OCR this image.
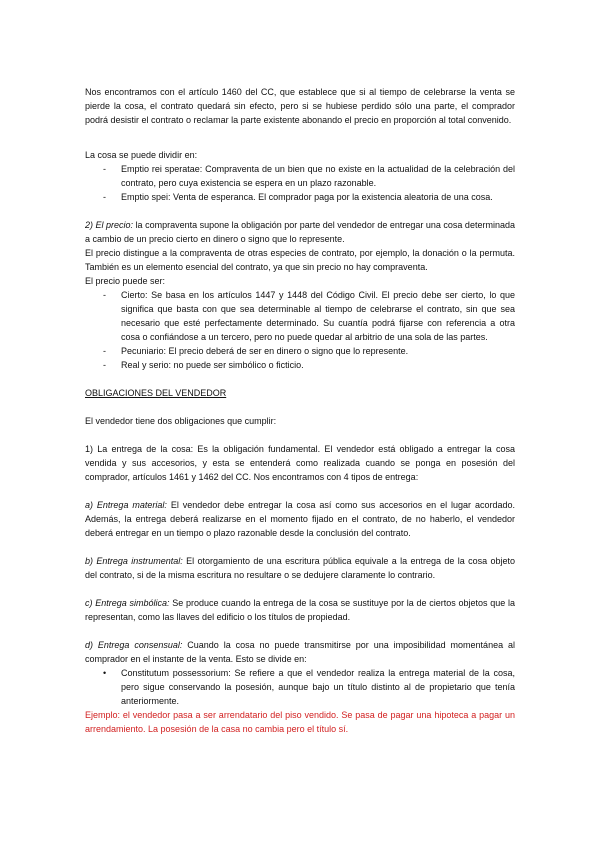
Nos encontramos con el artículo 1460 del CC, que establece que si al tiempo de celebrarse la venta se pierde la cosa, el contrato quedará sin efecto, pero si se hubiese perdido sólo una parte, el comprador podrá desistir el contrato o reclamar la parte existente abonando el precio en proporción al total convenido.

La cosa se puede dividir en:

- Emptio rei speratae: Compraventa de un bien que no existe en la actualidad de la celebración del contrato, pero cuya existencia se espera en un plazo razonable.
- Emptio spei: Venta de esperanca. El comprador paga por la existencia aleatoria de una cosa.

2) El precio: la compraventa supone la obligación por parte del vendedor de entregar una cosa determinada a cambio de un precio cierto en dinero o signo que lo represente.

El precio distingue a la compraventa de otras especies de contrato, por ejemplo, la donación o la permuta. También es un elemento esencial del contrato, ya que sin precio no hay compraventa.

El precio puede ser:

- Cierto: Se basa en los artículos 1447 y 1448 del Código Civil. El precio debe ser cierto, lo que significa que basta con que sea determinable al tiempo de celebrarse el contrato, sin que sea necesario que esté perfectamente determinado. Su cuantía podrá fijarse con referencia a otra cosa o confiándose a un tercero, pero no puede quedar al arbitrio de una sola de las partes.
- Pecuniario: El precio deberá de ser en dinero o signo que lo represente.
- Real y serio: no puede ser simbólico o ficticio.

OBLIGACIONES DEL VENDEDOR

El vendedor tiene dos obligaciones que cumplir:

1) La entrega de la cosa: Es la obligación fundamental. El vendedor está obligado a entregar la cosa vendida y sus accesorios, y esta se entenderá como realizada cuando se ponga en posesión del comprador, artículos 1461 y 1462 del CC. Nos encontramos con 4 tipos de entrega:

a) Entrega material: El vendedor debe entregar la cosa así como sus accesorios en el lugar acordado. Además, la entrega deberá realizarse en el momento fijado en el contrato, de no haberlo, el vendedor deberá entregar en un tiempo o plazo razonable desde la conclusión del contrato.

b) Entrega instrumental: El otorgamiento de una escritura pública equivale a la entrega de la cosa objeto del contrato, si de la misma escritura no resultare o se dedujere claramente lo contrario.

c) Entrega simbólica: Se produce cuando la entrega de la cosa se sustituye por la de ciertos objetos que la representan, como las llaves del edificio o los títulos de propiedad.

d) Entrega consensual: Cuando la cosa no puede transmitirse por una imposibilidad momentánea al comprador en el instante de la venta. Esto se divide en:

• Constitutum possessorium: Se refiere a que el vendedor realiza la entrega material de la cosa, pero sigue conservando la posesión, aunque bajo un título distinto al de propietario que tenía anteriormente.

Ejemplo: el vendedor pasa a ser arrendatario del piso vendido. Se pasa de pagar una hipoteca a pagar un arrendamiento. La posesión de la casa no cambia pero el título sí.
